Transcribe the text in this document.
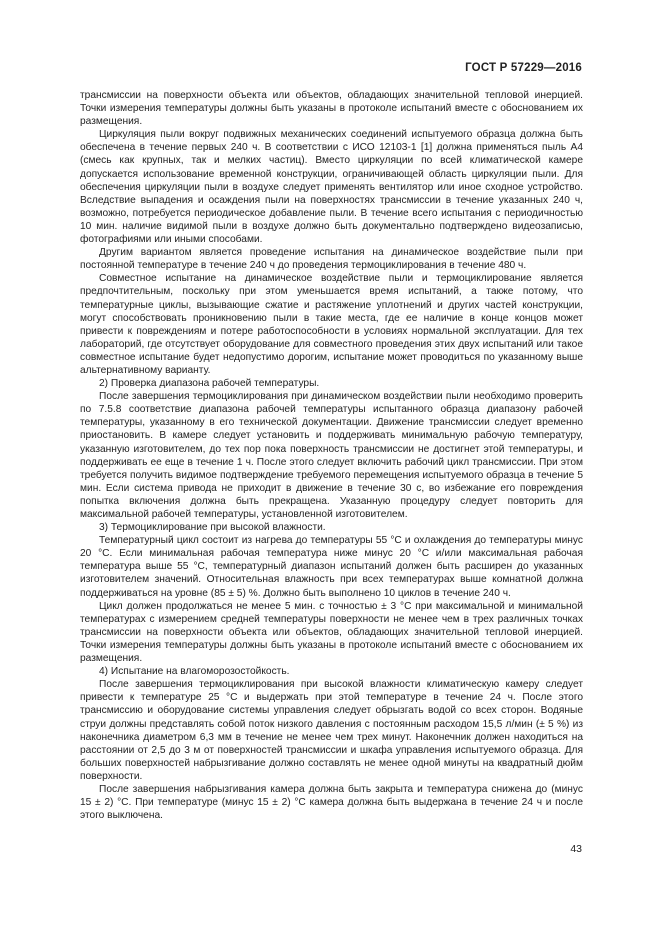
ГОСТ Р 57229—2016

трансмиссии на поверхности объекта или объектов, обладающих значительной тепловой инерцией. Точки измерения температуры должны быть указаны в протоколе испытаний вместе с обоснованием их размещения.

Циркуляция пыли вокруг подвижных механических соединений испытуемого образца должна быть обеспечена в течение первых 240 ч. В соответствии с ИСО 12103-1 [1] должна применяться пыль А4 (смесь как крупных, так и мелких частиц). Вместо циркуляции по всей климатической камере допускается использование временной конструкции, ограничивающей область циркуляции пыли. Для обеспечения циркуляции пыли в воздухе следует применять вентилятор или иное сходное устройство. Вследствие выпадения и осаждения пыли на поверхностях трансмиссии в течение указанных 240 ч, возможно, потребуется периодическое добавление пыли. В течение всего испытания с периодичностью 10 мин. наличие видимой пыли в воздухе должно быть документально подтверждено видеозаписью, фотографиями или иными способами.

Другим вариантом является проведение испытания на динамическое воздействие пыли при постоянной температуре в течение 240 ч до проведения термоциклирования в течение 480 ч.

Совместное испытание на динамическое воздействие пыли и термоциклирование является предпочтительным, поскольку при этом уменьшается время испытаний, а также потому, что температурные циклы, вызывающие сжатие и растяжение уплотнений и других частей конструкции, могут способствовать проникновению пыли в такие места, где ее наличие в конце концов может привести к повреждениям и потере работоспособности в условиях нормальной эксплуатации. Для тех лабораторий, где отсутствует оборудование для совместного проведения этих двух испытаний или такое совместное испытание будет недопустимо дорогим, испытание может проводиться по указанному выше альтернативному варианту.

2) Проверка диапазона рабочей температуры.

После завершения термоциклирования при динамическом воздействии пыли необходимо проверить по 7.5.8 соответствие диапазона рабочей температуры испытанного образца диапазону рабочей температуры, указанному в его технической документации. Движение трансмиссии следует временно приостановить. В камере следует установить и поддерживать минимальную рабочую температуру, указанную изготовителем, до тех пор пока поверхность трансмиссии не достигнет этой температуры, и поддерживать ее еще в течение 1 ч. После этого следует включить рабочий цикл трансмиссии. При этом требуется получить видимое подтверждение требуемого перемещения испытуемого образца в течение 5 мин. Если система привода не приходит в движение в течение 30 с, во избежание его повреждения попытка включения должна быть прекращена. Указанную процедуру следует повторить для максимальной рабочей температуры, установленной изготовителем.

3) Термоциклирование при высокой влажности.

Температурный цикл состоит из нагрева до температуры 55 °С и охлаждения до температуры минус 20 °С. Если минимальная рабочая температура ниже минус 20 °С и/или максимальная рабочая температура выше 55 °С, температурный диапазон испытаний должен быть расширен до указанных изготовителем значений. Относительная влажность при всех температурах выше комнатной должна поддерживаться на уровне (85 ± 5) %. Должно быть выполнено 10 циклов в течение 240 ч.

Цикл должен продолжаться не менее 5 мин. с точностью ± 3 °С при максимальной и минимальной температурах с измерением средней температуры поверхности не менее чем в трех различных точках трансмиссии на поверхности объекта или объектов, обладающих значительной тепловой инерцией. Точки измерения температуры должны быть указаны в протоколе испытаний вместе с обоснованием их размещения.

4) Испытание на влагоморозостойкость.

После завершения термоциклирования при высокой влажности климатическую камеру следует привести к температуре 25 °С и выдержать при этой температуре в течение 24 ч. После этого трансмиссию и оборудование системы управления следует обрызгать водой со всех сторон. Водяные струи должны представлять собой поток низкого давления с постоянным расходом 15,5 л/мин (± 5 %) из наконечника диаметром 6,3 мм в течение не менее чем трех минут. Наконечник должен находиться на расстоянии от 2,5 до 3 м от поверхностей трансмиссии и шкафа управления испытуемого образца. Для больших поверхностей набрызгивание должно составлять не менее одной минуты на квадратный дюйм поверхности.

После завершения набрызгивания камера должна быть закрыта и температура снижена до (минус 15 ± 2) °С. При температуре (минус 15 ± 2) °С камера должна быть выдержана в течение 24 ч и после этого выключена.

43
